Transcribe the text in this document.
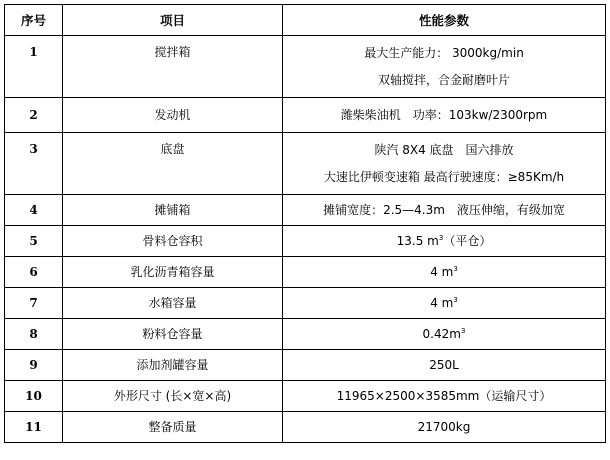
序号	项目	性能参数
1	搅拌箱	最大生产能力： 3000kg/min
双轴搅拌，合金耐磨叶片

2	发动机	潍柴柴油机　功率：103kw/2300rpm
3	底盘	陕汽 8X4 底盘　国六排放
大速比伊顿变速箱 最高行驶速度：≥85Km/h

4	摊铺箱	摊铺宽度：2.5—4.3m　液压伸缩，有级加宽
5	骨料仓容积	13.5 $m^3$（平仓）
6	乳化沥青箱容量	4 $m^3$
7	水箱容量	4 $m^3$
8	粉料仓容量	$0.42m^3$
9	添加剂罐容量	250L
10	外形尺寸 (长×宽×高)	11965×2500×3585mm（运输尺寸）
11	整备质量	21700kg
